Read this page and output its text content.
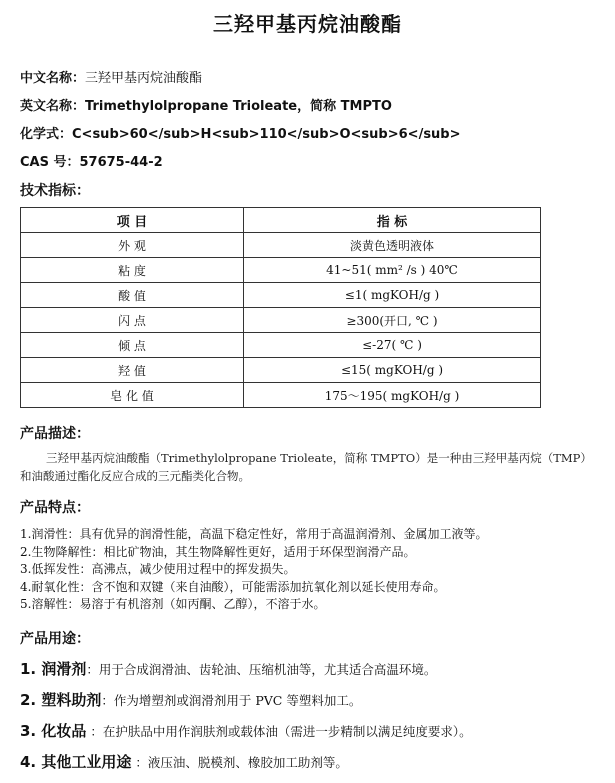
三羟甲基丙烷油酸酯
中文名称：三羟甲基丙烷油酸酯
英文名称：Trimethylolpropane Trioleate，简称 TMPTO
化学式：C<sub>60</sub>H<sub>110</sub>O<sub>6</sub>
CAS 号：57675-44-2
技术指标：
项 目	指 标
外 观	淡黄色透明液体
粘 度	41~51( mm² /s ) 40℃
酸 值	≤1( mgKOH/g )
闪 点	≥300(开口, ℃ )
倾 点	≤-27( ℃ )
羟 值	≤15( mgKOH/g )
皂 化 值	175～195( mgKOH/g )
产品描述：
三羟甲基丙烷油酸酯（Trimethylolpropane Trioleate，简称 TMPTO）是一种由三羟甲基丙烷（TMP）和油酸通过酯化反应合成的三元酯类化合物。
产品特点：
1.润滑性：具有优异的润滑性能，高温下稳定性好，常用于高温润滑剂、金属加工液等。
2.生物降解性：相比矿物油，其生物降解性更好，适用于环保型润滑产品。
3.低挥发性：高沸点，减少使用过程中的挥发损失。
4.耐氧化性：含不饱和双键（来自油酸），可能需添加抗氧化剂以延长使用寿命。
5.溶解性：易溶于有机溶剂（如丙酮、乙醇），不溶于水。
产品用途：
1. 润滑剂：用于合成润滑油、齿轮油、压缩机油等，尤其适合高温环境。
2. 塑料助剂：作为增塑剂或润滑剂用于 PVC 等塑料加工。
3. 化妆品 ：在护肤品中用作润肤剂或载体油（需进一步精制以满足纯度要求）。
4. 其他工业用途 ：液压油、脱模剂、橡胶加工助剂等。
